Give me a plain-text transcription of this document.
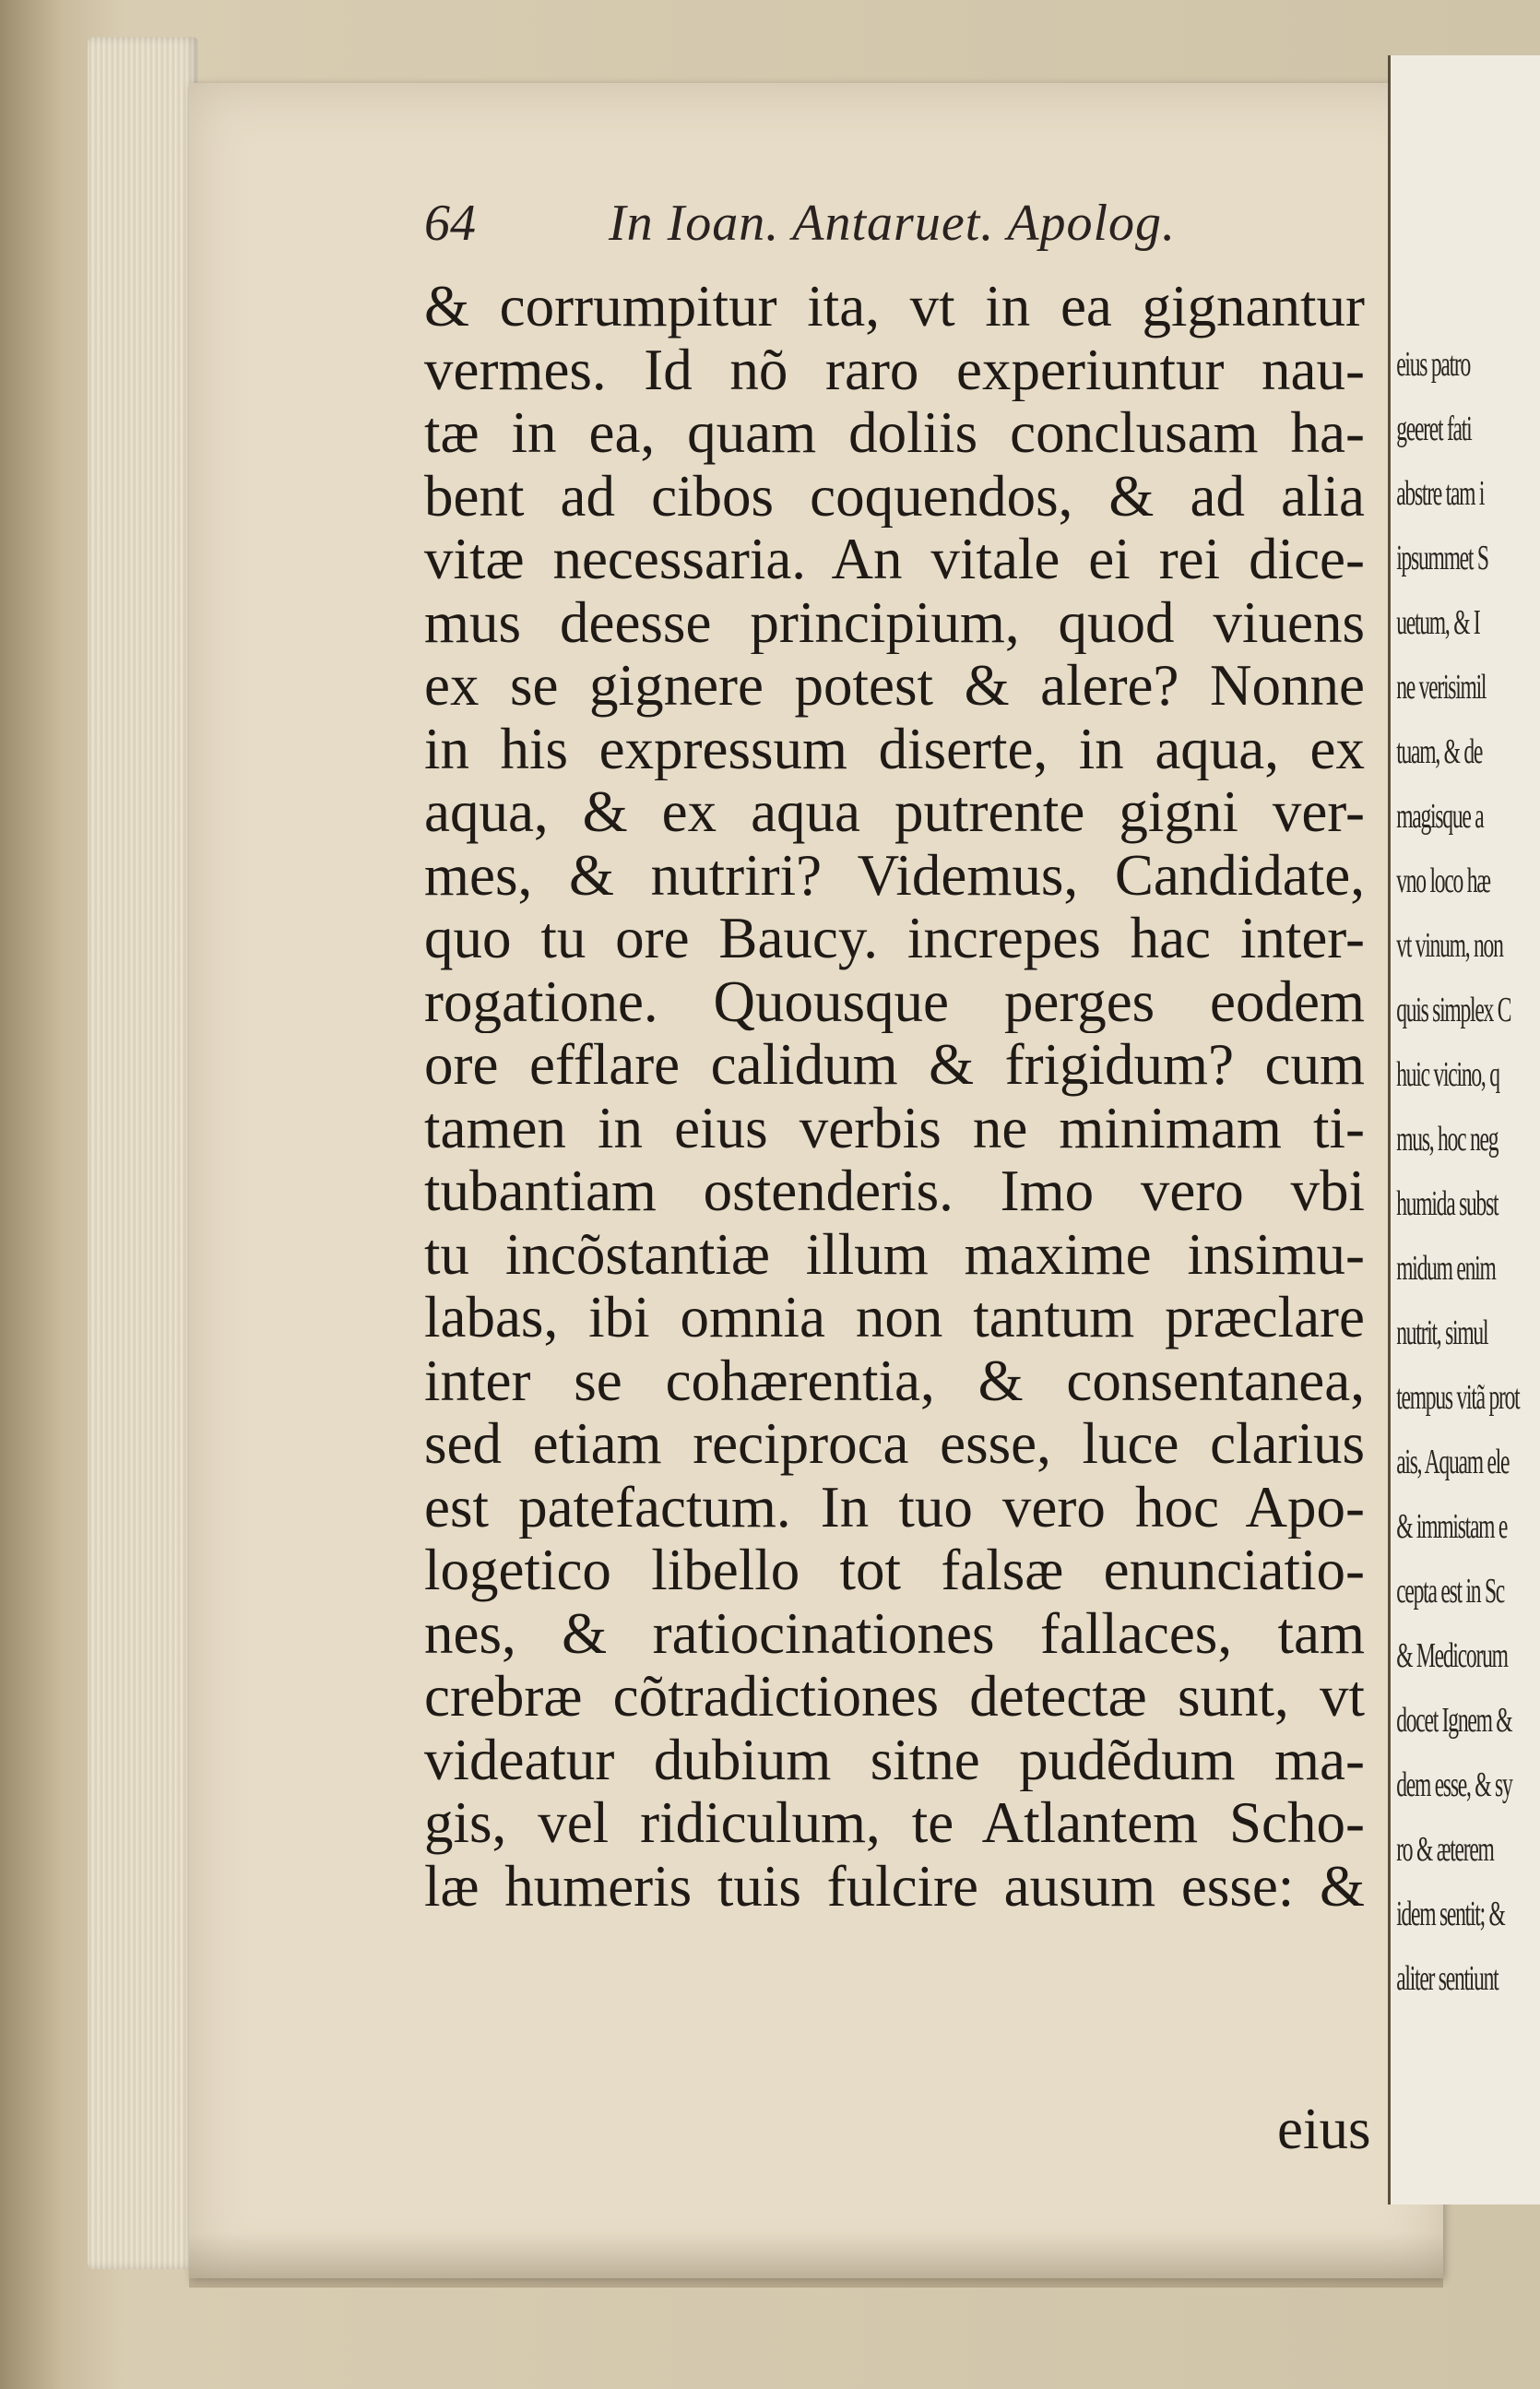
eius patro
geeret fati
abstre tam i
ipsummet S
uetum, & I
ne verisimil
tuam, & de
magisque a
vno loco hæ
vt vinum, non
quis simplex C
huic vicino, q
mus, hoc neg
humida subst
midum enim
nutrit, simul
tempus vitã prot
ais, Aquam ele
& immistam e
cepta est in Sc
& Medicorum
docet Ignem &
dem esse, & sy
ro & æterem
idem sentit; &
aliter sentiunt
64	In Ioan. Antaruet. Apolog.
& corrumpitur ita, vt in ea gignantur
vermes. Id nõ raro experiuntur nau-
tæ in ea, quam doliis conclusam ha-
bent ad cibos coquendos, & ad alia
vitæ necessaria. An vitale ei rei dice-
mus deesse principium, quod viuens
ex se gignere potest & alere? Nonne
in his expressum diserte, in aqua, ex
aqua, & ex aqua putrente gigni ver-
mes, & nutriri? Videmus, Candidate,
quo tu ore Baucy. increpes hac inter-
rogatione. Quousque perges eodem
ore efflare calidum & frigidum? cum
tamen in eius verbis ne minimam ti-
tubantiam ostenderis. Imo vero vbi
tu incõstantiæ illum maxime insimu-
labas, ibi omnia non tantum præclare
inter se cohærentia, & consentanea,
sed etiam reciproca esse, luce clarius
est patefactum. In tuo vero hoc Apo-
logetico libello tot falsæ enunciatio-
nes, & ratiocinationes fallaces, tam
crebræ cõtradictiones detectæ sunt, vt
videatur dubium sitne pudẽdum ma-
gis, vel ridiculum, te Atlantem Scho-
læ humeris tuis fulcire ausum esse: &
eius
